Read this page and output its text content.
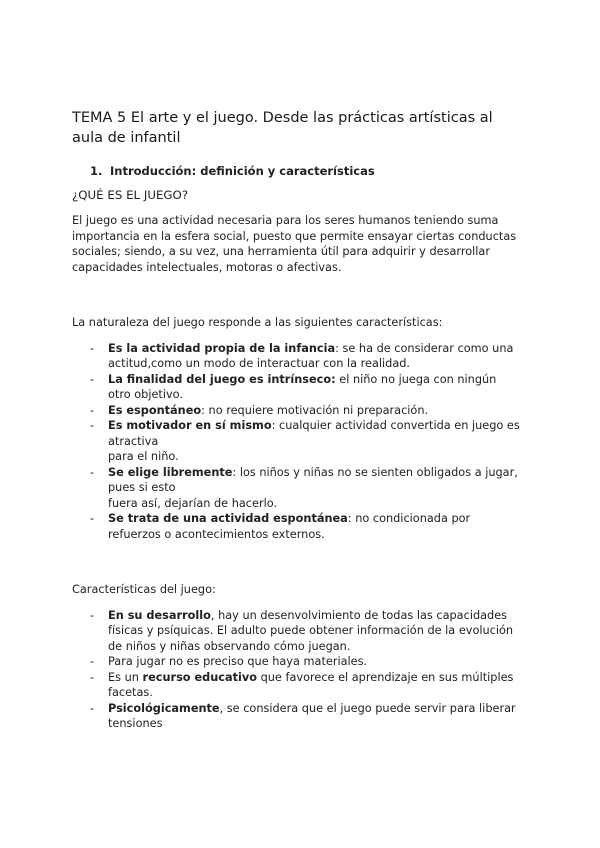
TEMA 5 El arte y el juego. Desde las prácticas artísticas al aula de infantil
1. Introducción: definición y características
¿QUÉ ES EL JUEGO?

El juego es una actividad necesaria para los seres humanos teniendo suma importancia en la esfera social, puesto que permite ensayar ciertas conductas sociales; siendo, a su vez, una herramienta útil para adquirir y desarrollar capacidades intelectuales, motoras o afectivas.

La naturaleza del juego responde a las siguientes características:

- Es la actividad propia de la infancia: se ha de considerar como una actitud,como un modo de interactuar con la realidad.
- La finalidad del juego es intrínseco: el niño no juega con ningún otro objetivo.
- Es espontáneo: no requiere motivación ni preparación.
- Es motivador en sí mismo: cualquier actividad convertida en juego es atractiva
para el niño.
- Se elige libremente: los niños y niñas no se sienten obligados a jugar, pues si esto
fuera así, dejarían de hacerlo.
- Se trata de una actividad espontánea: no condicionada por refuerzos o acontecimientos externos.

Características del juego:

- En su desarrollo, hay un desenvolvimiento de todas las capacidades físicas y psíquicas. El adulto puede obtener información de la evolución de niños y niñas observando cómo juegan.
- Para jugar no es preciso que haya materiales.
- Es un recurso educativo que favorece el aprendizaje en sus múltiples facetas.
- Psicológicamente, se considera que el juego puede servir para liberar tensiones
